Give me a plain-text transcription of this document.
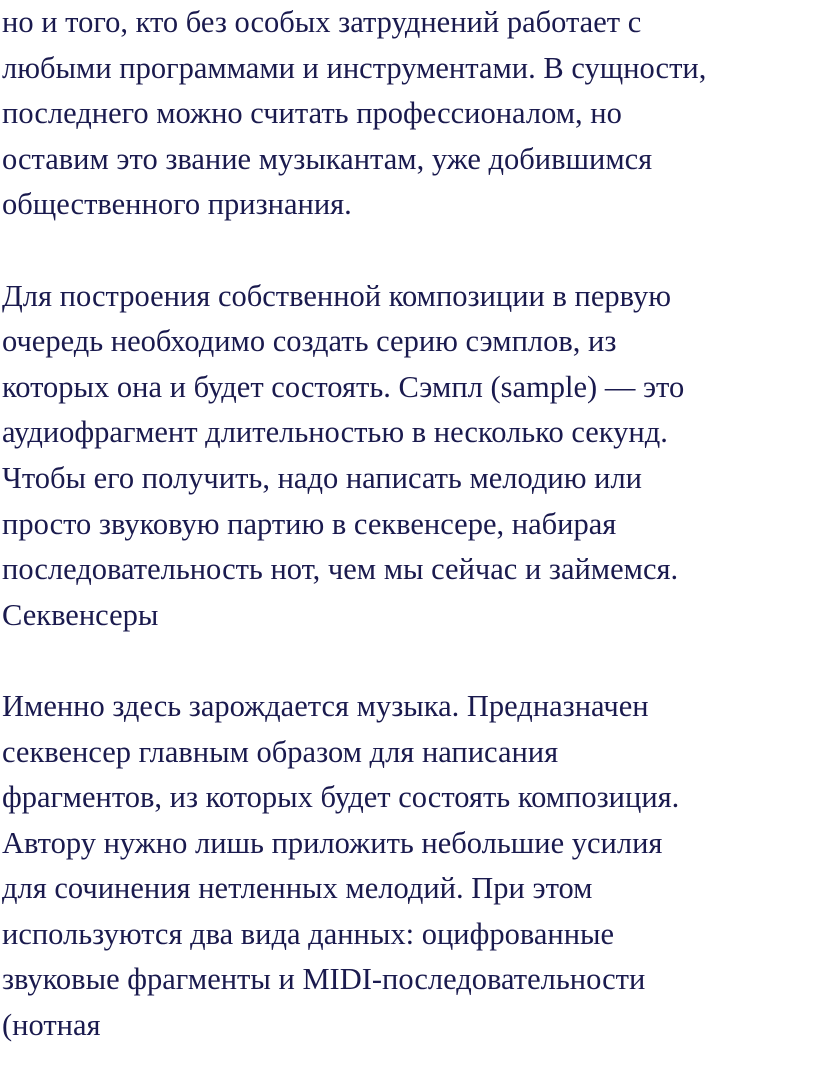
но и того, кто без особых затруднений работает с
любыми программами и инструментами. В сущности,
последнего можно считать профессионалом, но
оставим это звание музыкантам, уже добившимся
общественного признания.
Для построения собственной композиции в первую
очередь необходимо создать серию сэмплов, из
которых она и будет состоять. Сэмпл (sample) — это
аудиофрагмент длительностью в несколько секунд.
Чтобы его получить, надо написать мелодию или
просто звуковую партию в секвенсере, набирая
последовательность нот, чем мы сейчас и займемся.
Секвенсеры
Именно здесь зарождается музыка. Предназначен
секвенсер главным образом для написания
фрагментов, из которых будет состоять композиция.
Автору нужно лишь приложить небольшие усилия
для сочинения нетленных мелодий. При этом
используются два вида данных: оцифрованные
звуковые фрагменты и MIDI-последовательности
(нотная
